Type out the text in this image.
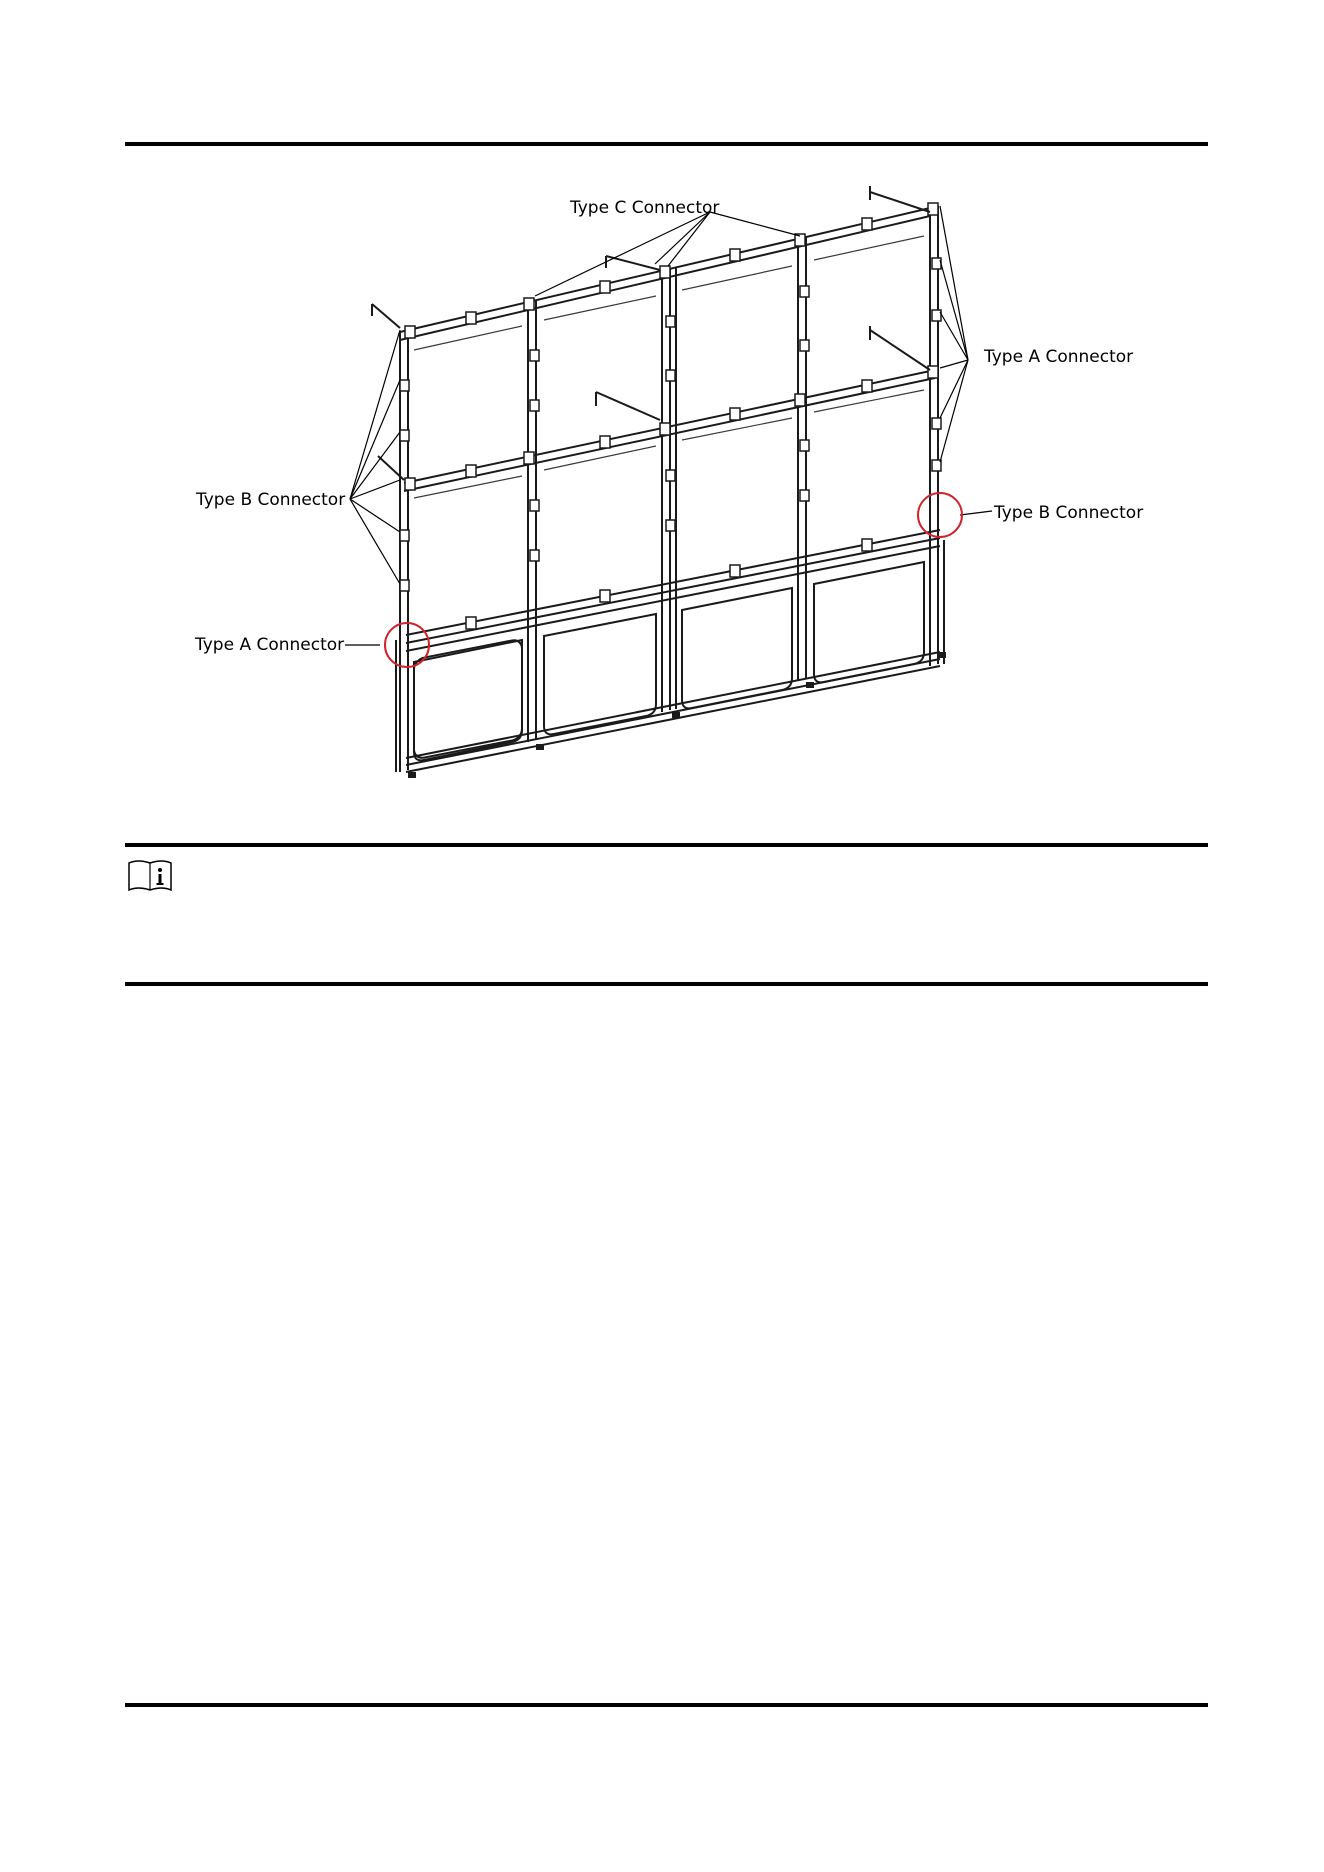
Type C Connector
Type A Connector
Type B Connector
Type B Connector
Type A Connector
